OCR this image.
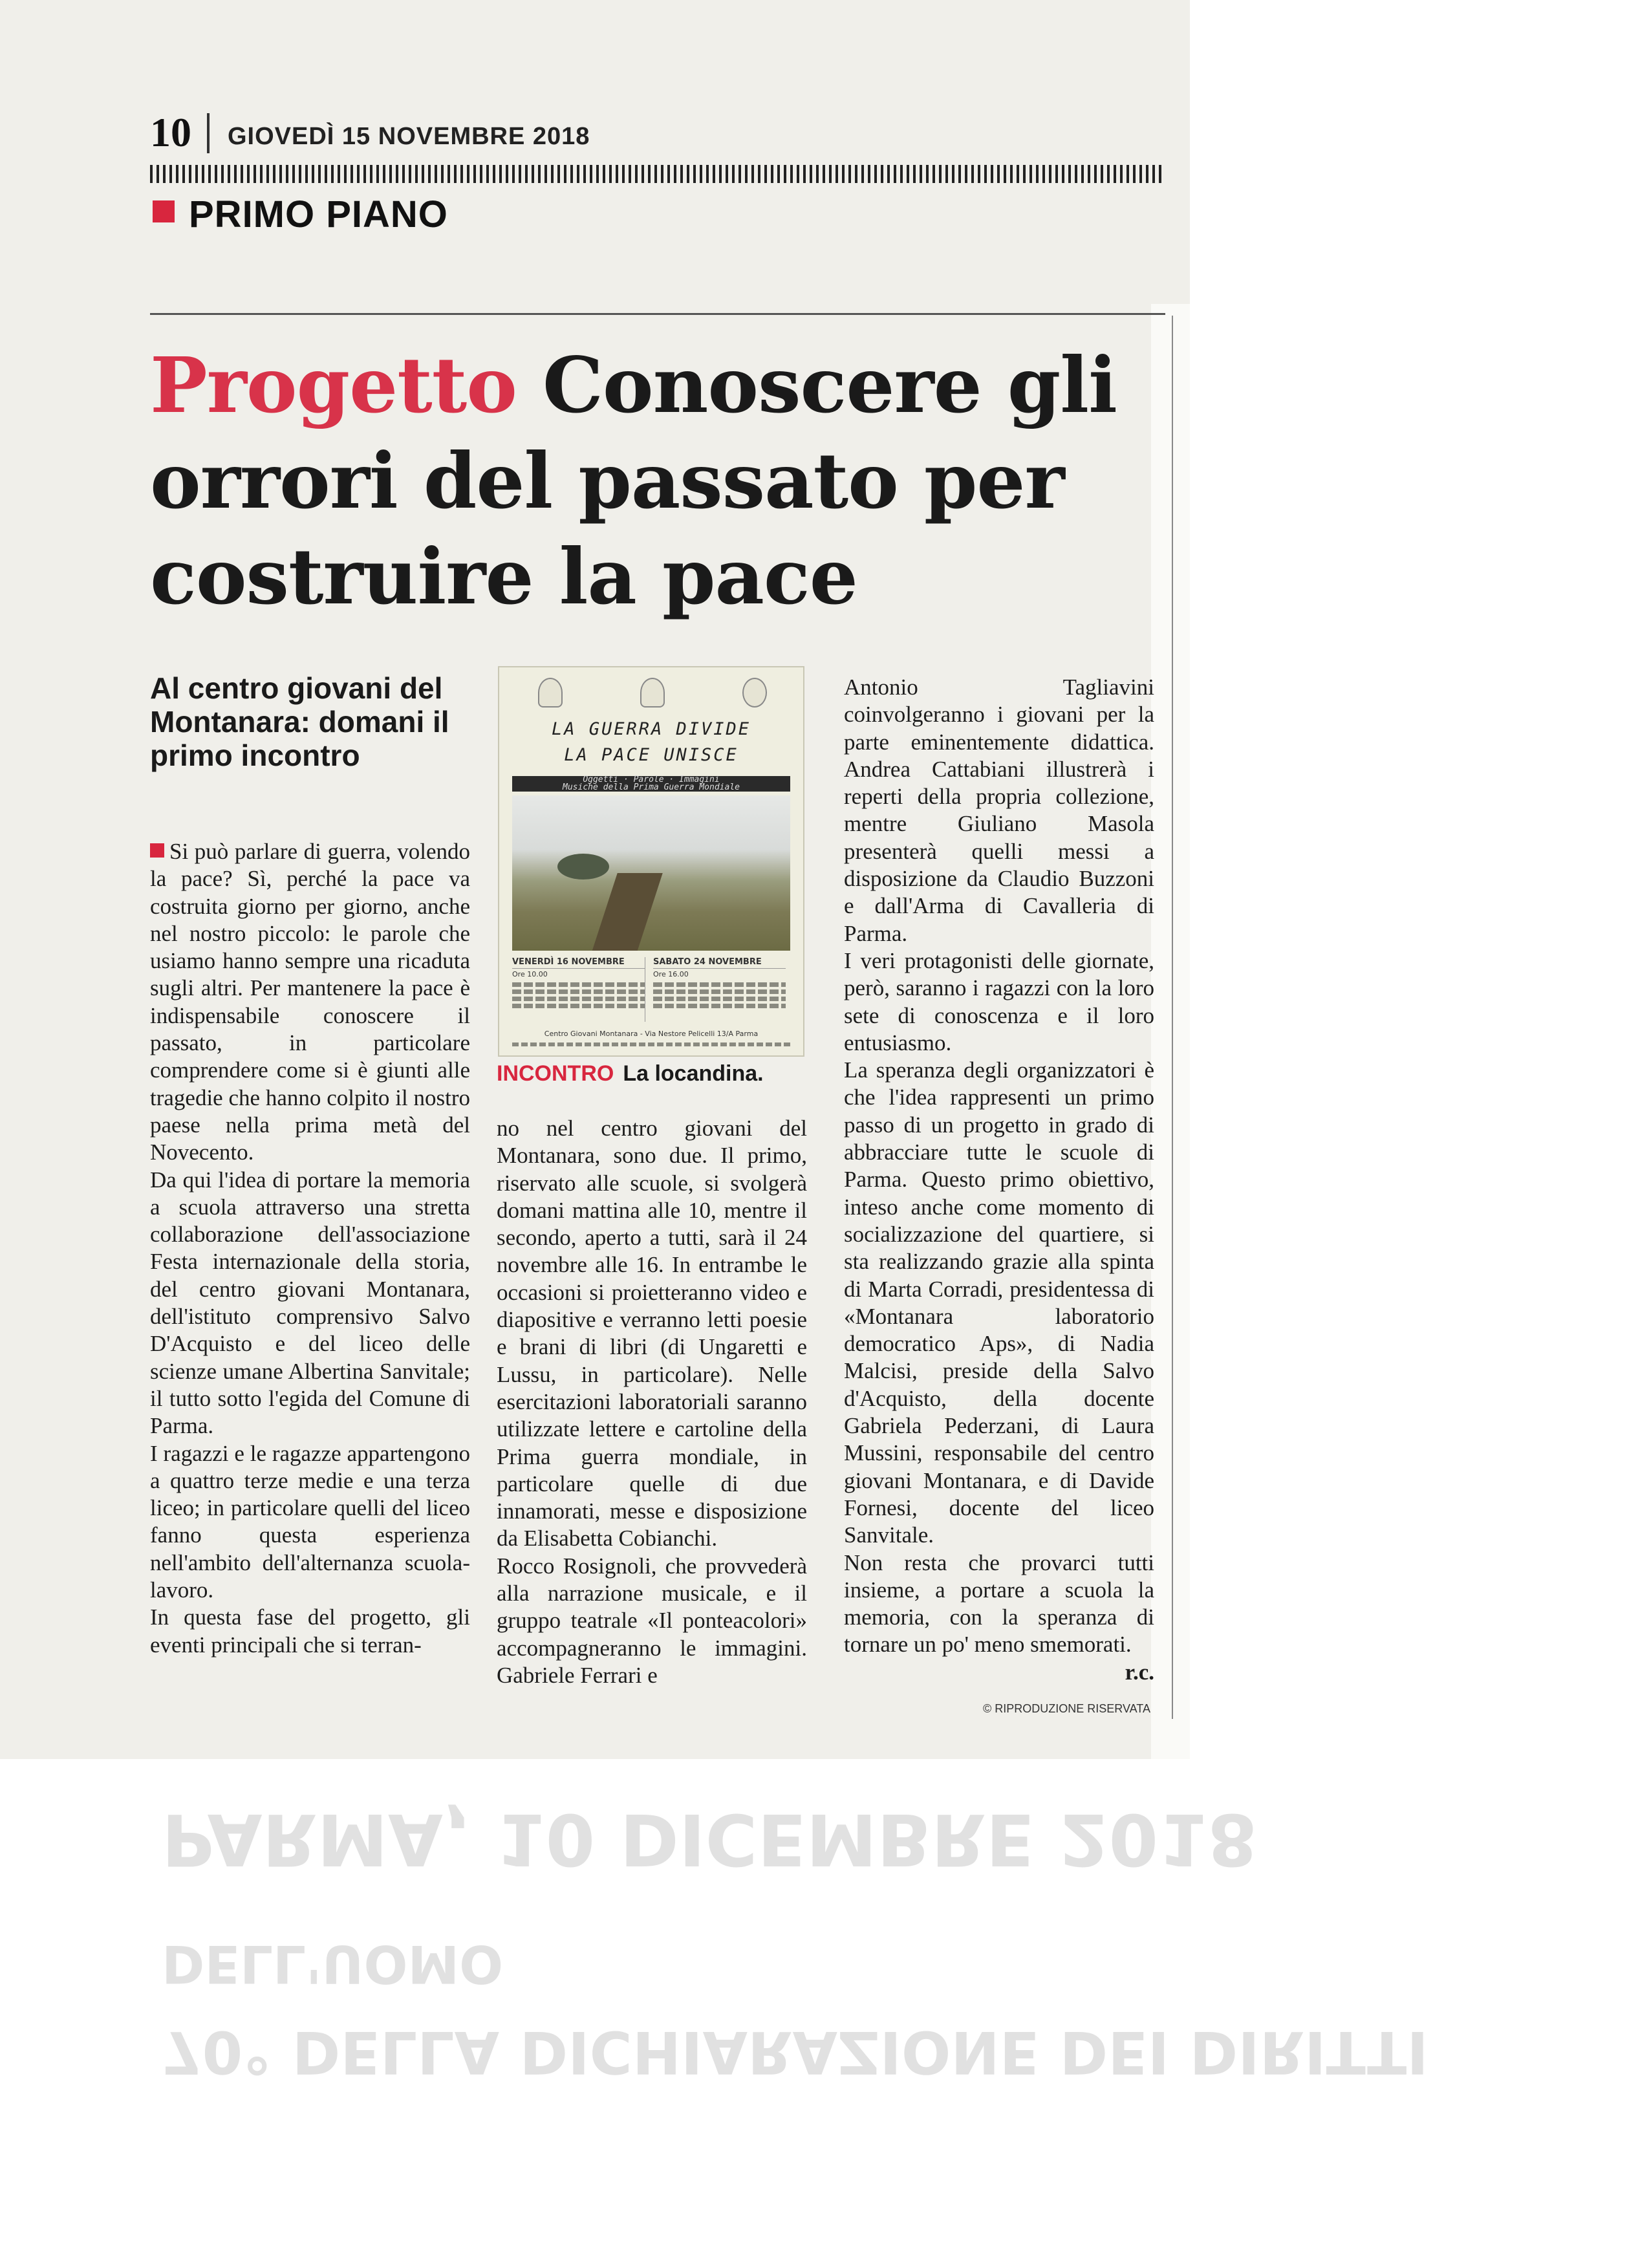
PARMA, 10 DICEMBRE 2018
DELL'UOMO
70° DELLA DICHIARAZIONE DEI DIRITTI
10 GIOVEDÌ 15 NOVEMBRE 2018
PRIMO PIANO
Progetto Conoscere gli orrori del passato per costruire la pace
Al centro giovani del Montanara: domani il primo incontro

Si può parlare di guerra, volendo la pace? Sì, perché la pace va costruita giorno per giorno, anche nel nostro piccolo: le parole che usiamo hanno sempre una ricaduta sugli altri. Per mantenere la pace è indispensabile conoscere il passato, in particolare comprendere come si è giunti alle tragedie che hanno colpito il nostro paese nella prima metà del Novecento.

Da qui l'idea di portare la memoria a scuola attraverso una stretta collaborazione dell'associazione Festa internazionale della storia, del centro giovani Montanara, dell'istituto comprensivo Salvo D'Acquisto e del liceo delle scienze umane Albertina Sanvitale; il tutto sotto l'egida del Comune di Parma.

I ragazzi e le ragazze appartengono a quattro terze medie e una terza liceo; in particolare quelli del liceo fanno questa esperienza nell'ambito dell'alternanza scuola-lavoro.

In questa fase del progetto, gli eventi principali che si terran-

LA GUERRA DIVIDE
LA PACE UNISCE
Oggetti · Parole · Immagini
Musiche della Prima Guerra Mondiale
VENERDÌ 16 NOVEMBRE
Ore 10.00
SABATO 24 NOVEMBRE
Ore 16.00
Centro Giovani Montanara - Via Nestore Pelicelli 13/A Parma
INCONTRO La locandina.

no nel centro giovani del Montanara, sono due. Il primo, riservato alle scuole, si svolgerà domani mattina alle 10, mentre il secondo, aperto a tutti, sarà il 24 novembre alle 16. In entrambe le occasioni si proietteranno video e diapositive e verranno letti poesie e brani di libri (di Ungaretti e Lussu, in particolare). Nelle esercitazioni laboratoriali saranno utilizzate lettere e cartoline della Prima guerra mondiale, in particolare quelle di due innamorati, messe e disposizione da Elisabetta Cobianchi.

Rocco Rosignoli, che provvederà alla narrazione musicale, e il gruppo teatrale «Il ponteacolori» accompagneranno le immagini. Gabriele Ferrari e

Antonio Tagliavini coinvolgeranno i giovani per la parte eminentemente didattica. Andrea Cattabiani illustrerà i reperti della propria collezione, mentre Giuliano Masola presenterà quelli messi a disposizione da Claudio Buzzoni e dall'Arma di Cavalleria di Parma.

I veri protagonisti delle giornate, però, saranno i ragazzi con la loro sete di conoscenza e il loro entusiasmo.

La speranza degli organizzatori è che l'idea rappresenti un primo passo di un progetto in grado di abbracciare tutte le scuole di Parma. Questo primo obiettivo, inteso anche come momento di socializzazione del quartiere, si sta realizzando grazie alla spinta di Marta Corradi, presidentessa di «Montanara laboratorio democratico Aps», di Nadia Malcisi, preside della Salvo d'Acquisto, della docente Gabriela Pederzani, di Laura Mussini, responsabile del centro giovani Montanara, e di Davide Fornesi, docente del liceo Sanvitale.

Non resta che provarci tutti insieme, a portare a scuola la memoria, con la speranza di tornare un po' meno smemorati.

r.c.

© RIPRODUZIONE RISERVATA
